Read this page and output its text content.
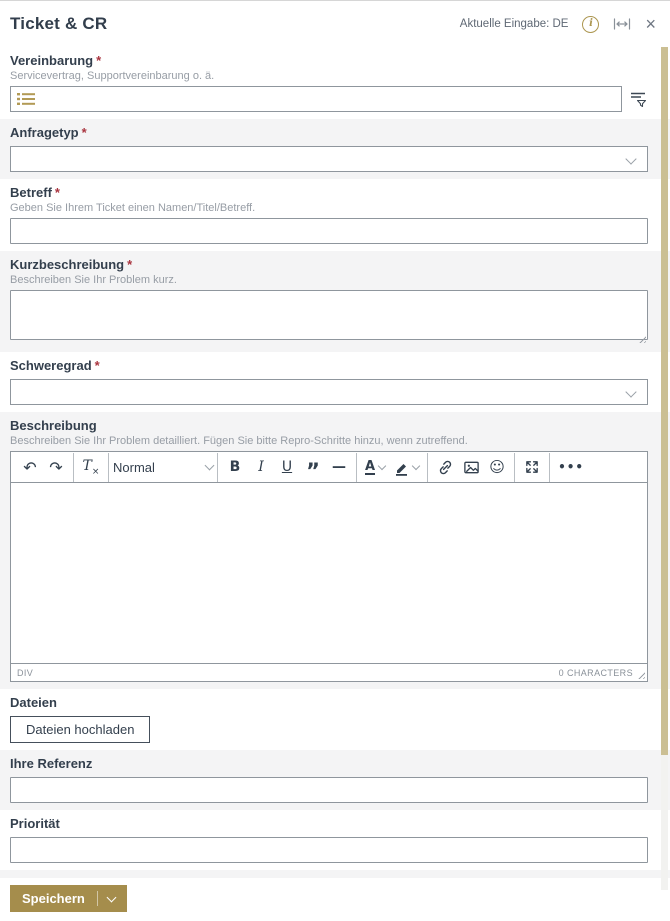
Ticket & CR	Aktuelle Eingabe: DE	i	×
Vereinbarung *
Servicevertrag, Supportvereinbarung o. ä.
Anfragetyp *
Betreff *
Geben Sie Ihrem Ticket einen Namen/Titel/Betreff.
Kurzbeschreibung *
Beschreiben Sie Ihr Problem kurz.
Schweregrad *
Beschreibung
Beschreiben Sie Ihr Problem detailliert. Fügen Sie bitte Repro-Schritte hinzu, wenn zutreffend.
↶ ↷ $T_\times$ Normal	B I U ” — A	☺	•••
DIV	0 CHARACTERS
Dateien
Dateien hochladen
Ihre Referenz
Priorität
Speichern
